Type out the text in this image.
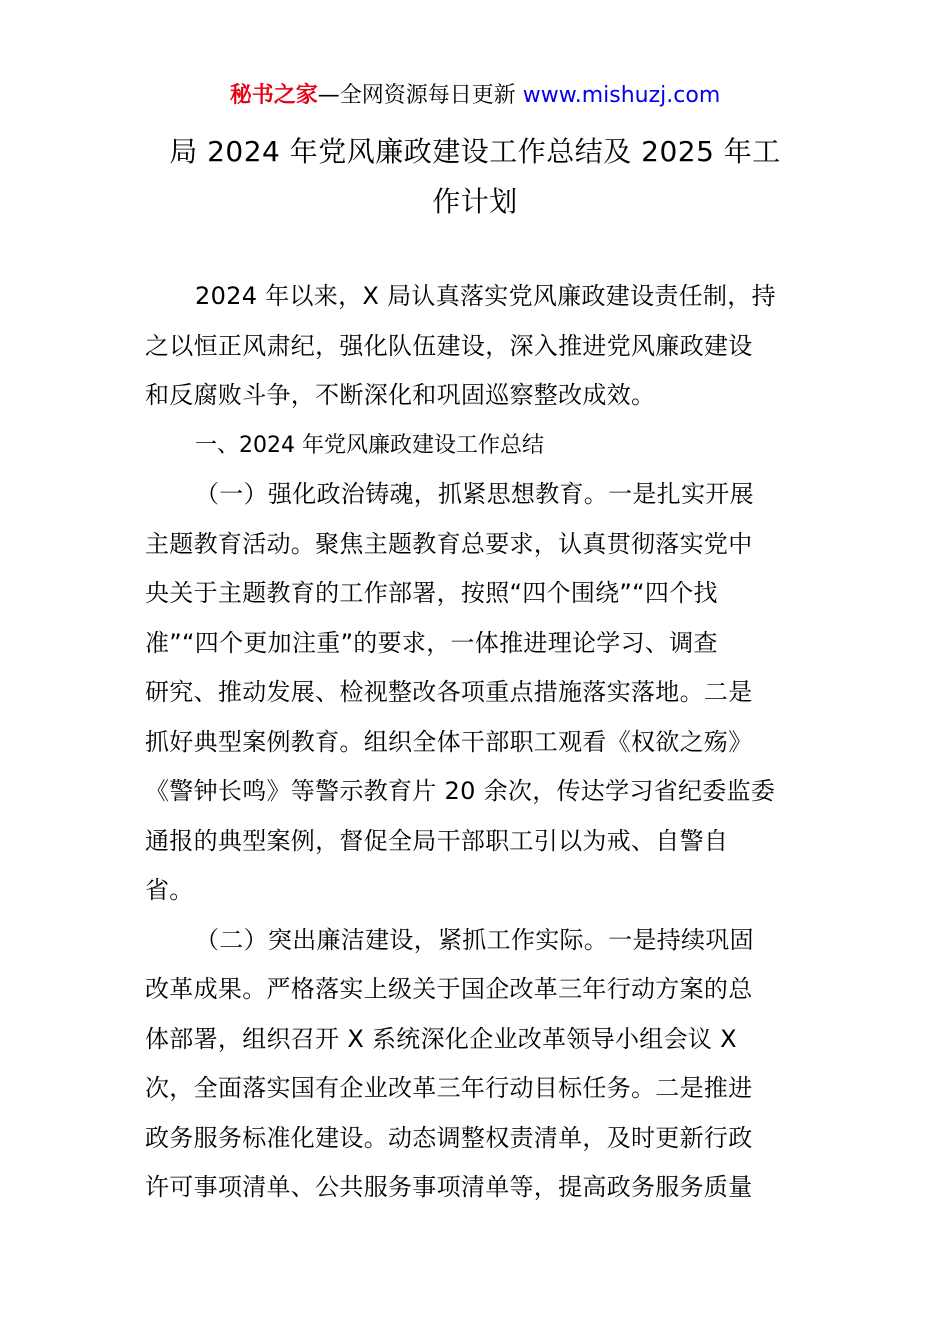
秘书之家—全网资源每日更新 www.mishuzj.com
局 2024 年党风廉政建设工作总结及 2025 年工
作计划

2024 年以来，X 局认真落实党风廉政建设责任制，持
之以恒正风肃纪，强化队伍建设，深入推进党风廉政建设
和反腐败斗争，不断深化和巩固巡察整改成效。

一、2024 年党风廉政建设工作总结

（一）强化政治铸魂，抓紧思想教育。一是扎实开展
主题教育活动。聚焦主题教育总要求，认真贯彻落实党中
央关于主题教育的工作部署，按照“四个围绕”“四个找
准”“四个更加注重”的要求，一体推进理论学习、调查
研究、推动发展、检视整改各项重点措施落实落地。二是
抓好典型案例教育。组织全体干部职工观看《权欲之殇》
《警钟长鸣》等警示教育片 20 余次，传达学习省纪委监委
通报的典型案例，督促全局干部职工引以为戒、自警自
省。

（二）突出廉洁建设，紧抓工作实际。一是持续巩固
改革成果。严格落实上级关于国企改革三年行动方案的总
体部署，组织召开 X 系统深化企业改革领导小组会议 X
次，全面落实国有企业改革三年行动目标任务。二是推进
政务服务标准化建设。动态调整权责清单，及时更新行政
许可事项清单、公共服务事项清单等，提高政务服务质量
